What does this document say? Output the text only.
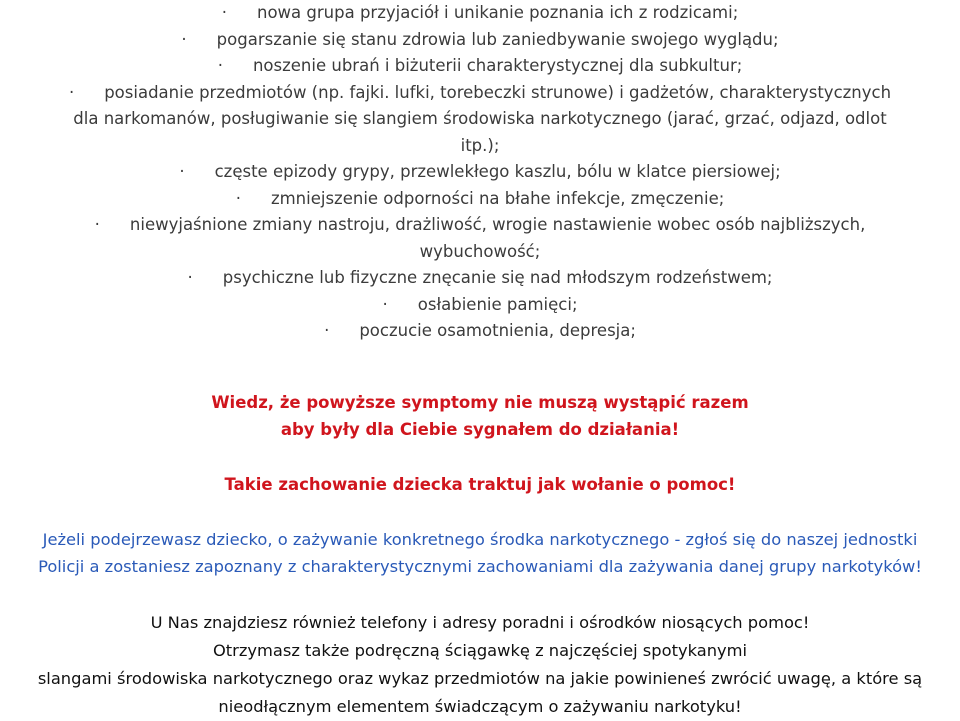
· nowa grupa przyjaciół i unikanie poznania ich z rodzicami;

· pogarszanie się stanu zdrowia lub zaniedbywanie swojego wyglądu;

· noszenie ubrań i biżuterii charakterystycznej dla subkultur;

· posiadanie przedmiotów (np. fajki. lufki, torebeczki strunowe) i gadżetów, charakterystycznych

dla narkomanów, posługiwanie się slangiem środowiska narkotycznego (jarać, grzać, odjazd, odlot

itp.);

· częste epizody grypy, przewlekłego kaszlu, bólu w klatce piersiowej;

· zmniejszenie odporności na błahe infekcje, zmęczenie;

· niewyjaśnione zmiany nastroju, drażliwość, wrogie nastawienie wobec osób najbliższych,

wybuchowość;

· psychiczne lub fizyczne znęcanie się nad młodszym rodzeństwem;

· osłabienie pamięci;

· poczucie osamotnienia, depresja;

Wiedz, że powyższe symptomy nie muszą wystąpić razem

aby były dla Ciebie sygnałem do działania!

Takie zachowanie dziecka traktuj jak wołanie o pomoc!

Jeżeli podejrzewasz dziecko, o zażywanie konkretnego środka narkotycznego - zgłoś się do naszej jednostki

Policji a zostaniesz zapoznany z charakterystycznymi zachowaniami dla zażywania danej grupy narkotyków!

U Nas znajdziesz również telefony i adresy poradni i ośrodków niosących pomoc!

Otrzymasz także podręczną ściągawkę z najczęściej spotykanymi

slangami środowiska narkotycznego oraz wykaz przedmiotów na jakie powinieneś zwrócić uwagę, a które są

nieodłącznym elementem świadczącym o zażywaniu narkotyku!
